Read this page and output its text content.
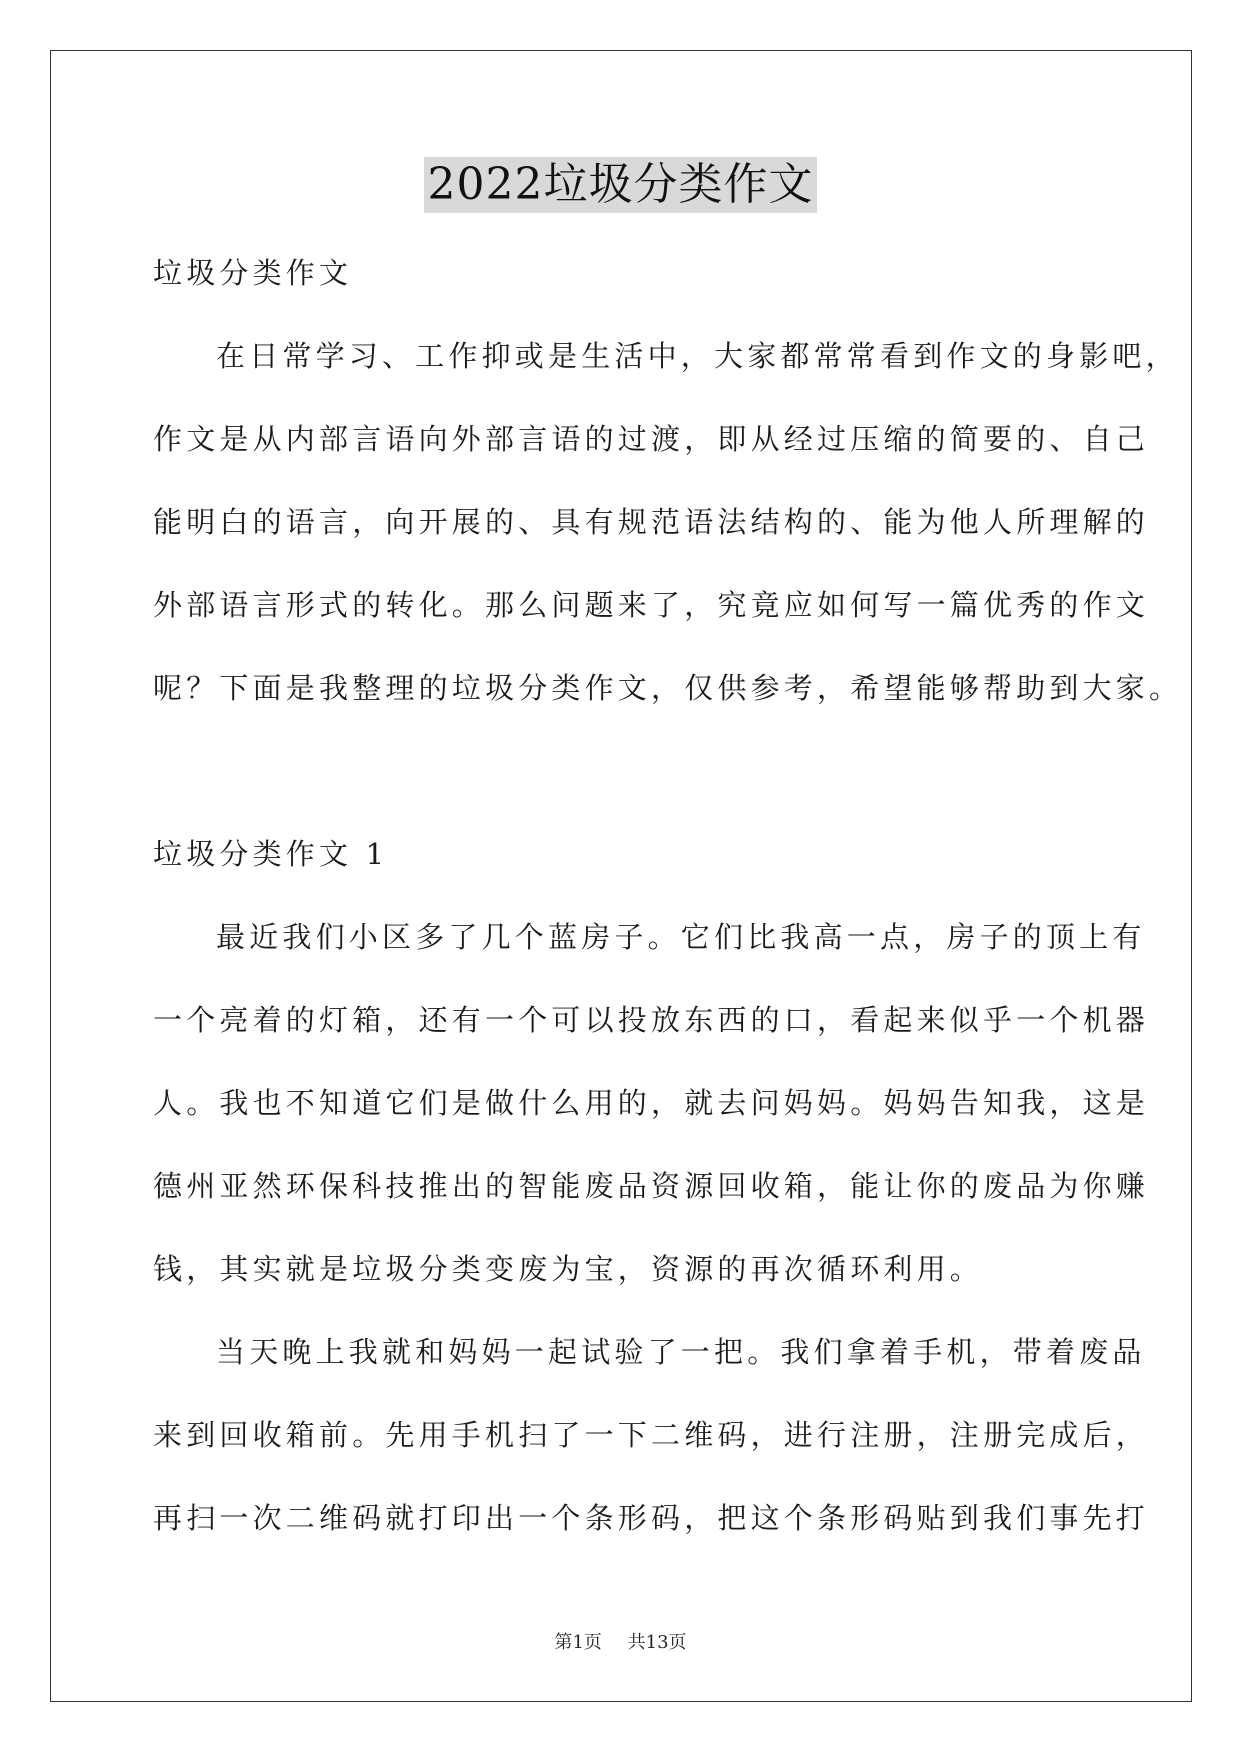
2022垃圾分类作文

垃圾分类作文

在日常学习、工作抑或是生活中，大家都常常看到作文的身影吧，

作文是从内部言语向外部言语的过渡，即从经过压缩的简要的、自己

能明白的语言，向开展的、具有规范语法结构的、能为他人所理解的

外部语言形式的转化。那么问题来了，究竟应如何写一篇优秀的作文

呢？下面是我整理的垃圾分类作文，仅供参考，希望能够帮助到大家。

垃圾分类作文 1

最近我们小区多了几个蓝房子。它们比我高一点，房子的顶上有

一个亮着的灯箱，还有一个可以投放东西的口，看起来似乎一个机器

人。我也不知道它们是做什么用的，就去问妈妈。妈妈告知我，这是

德州亚然环保科技推出的智能废品资源回收箱，能让你的废品为你赚

钱，其实就是垃圾分类变废为宝，资源的再次循环利用。

当天晚上我就和妈妈一起试验了一把。我们拿着手机，带着废品

来到回收箱前。先用手机扫了一下二维码，进行注册，注册完成后，

再扫一次二维码就打印出一个条形码，把这个条形码贴到我们事先打

第1页 共13页
